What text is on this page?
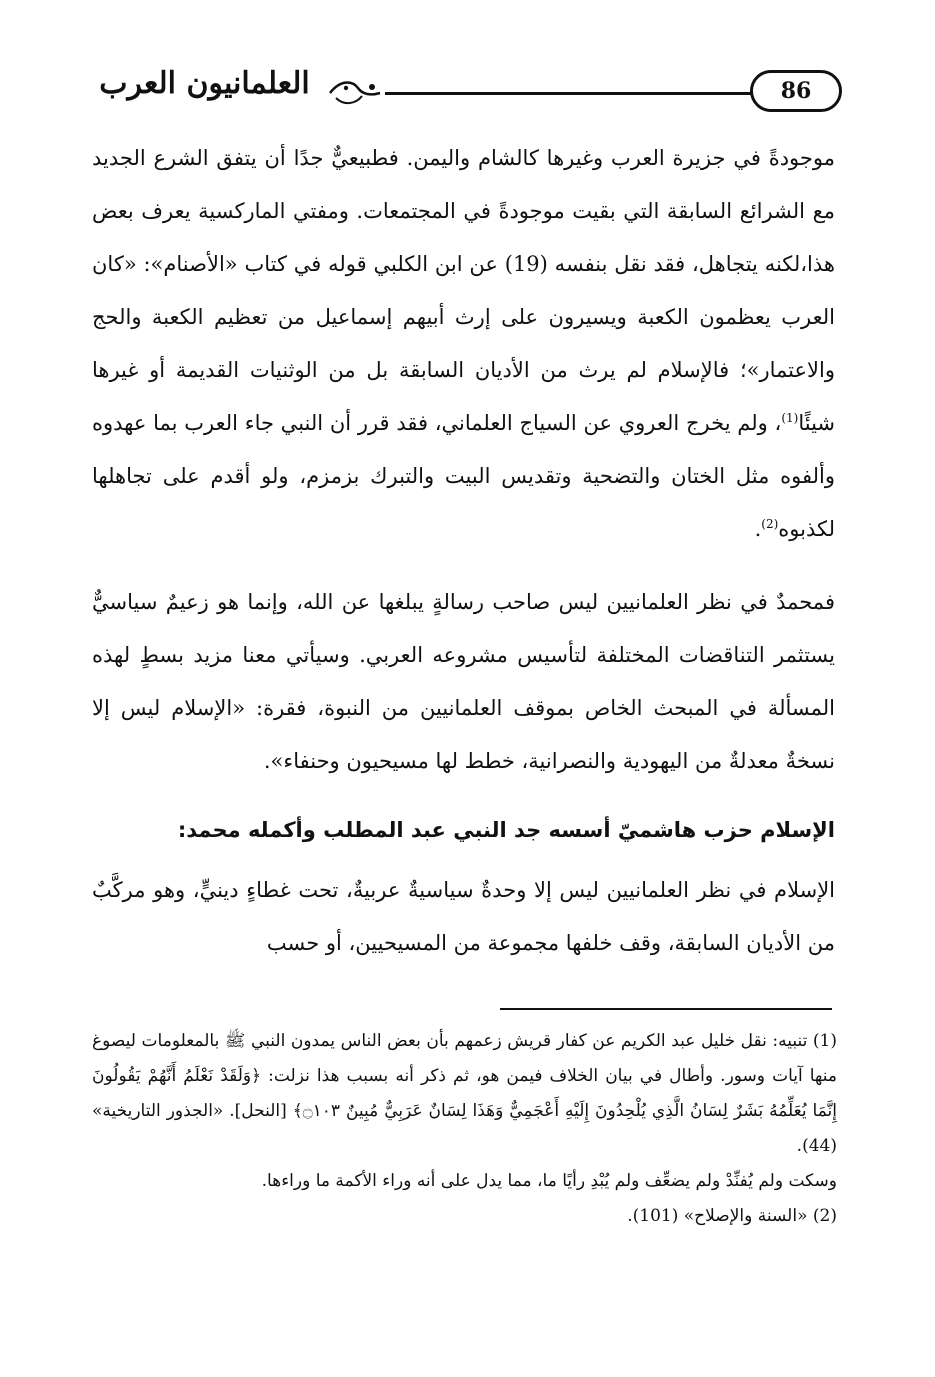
86
العلمانيون العرب

موجودةً في جزيرة العرب وغيرها كالشام واليمن. فطبيعيٌّ جدًا أن يتفق الشرع الجديد مع الشرائع السابقة التي بقيت موجودةً في المجتمعات. ومفتي الماركسية يعرف بعض هذا،لكنه يتجاهل، فقد نقل بنفسه (19) عن ابن الكلبي قوله في كتاب «الأصنام»: «كان العرب يعظمون الكعبة ويسيرون على إرث أبيهم إسماعيل من تعظيم الكعبة والحج والاعتمار»؛ فالإسلام لم يرث من الأديان السابقة بل من الوثنيات القديمة أو غيرها شيئًا$^{(1)}$، ولم يخرج العروي عن السياج العلماني، فقد قرر أن النبي جاء العرب بما عهدوه وألفوه مثل الختان والتضحية وتقديس البيت والتبرك بزمزم، ولو أقدم على تجاهلها لكذبوه$^{(2)}$.

فمحمدٌ في نظر العلمانيين ليس صاحب رسالةٍ يبلغها عن الله، وإنما هو زعيمٌ سياسيٌّ يستثمر التناقضات المختلفة لتأسيس مشروعه العربي. وسيأتي معنا مزيد بسطٍ لهذه المسألة في المبحث الخاص بموقف العلمانيين من النبوة، فقرة: «الإسلام ليس إلا نسخةٌ معدلةٌ من اليهودية والنصرانية، خطط لها مسيحيون وحنفاء».

الإسلام حزب هاشميّ أسسه جد النبي عبد المطلب وأكمله محمد:

الإسلام في نظر العلمانيين ليس إلا وحدةٌ سياسيةٌ عربيةٌ، تحت غطاءٍ دينيٍّ، وهو مركَّبٌ من الأديان السابقة، وقف خلفها مجموعة من المسيحيين، أو حسب

(1) تنبيه: نقل خليل عبد الكريم عن كفار قريش زعمهم بأن بعض الناس يمدون النبي ﷺ بالمعلومات ليصوغ منها آيات وسور. وأطال في بيان الخلاف فيمن هو، ثم ذكر أنه بسبب هذا نزلت: ﴿وَلَقَدْ نَعْلَمُ أَنَّهُمْ يَقُولُونَ إِنَّمَا يُعَلِّمُهُ بَشَرٌ لِسَانُ الَّذِي يُلْحِدُونَ إِلَيْهِ أَعْجَمِيٌّ وَهَذَا لِسَانٌ عَرَبِيٌّ مُبِينٌ ۝١٠٣﴾ [النحل]. «الجذور التاريخية» (44).

وسكت ولم يُفنِّدْ ولم يضعِّف ولم يُبْدِ رأيًا ما، مما يدل على أنه وراء الأكمة ما وراءها.

(2) «السنة والإصلاح» (101).
